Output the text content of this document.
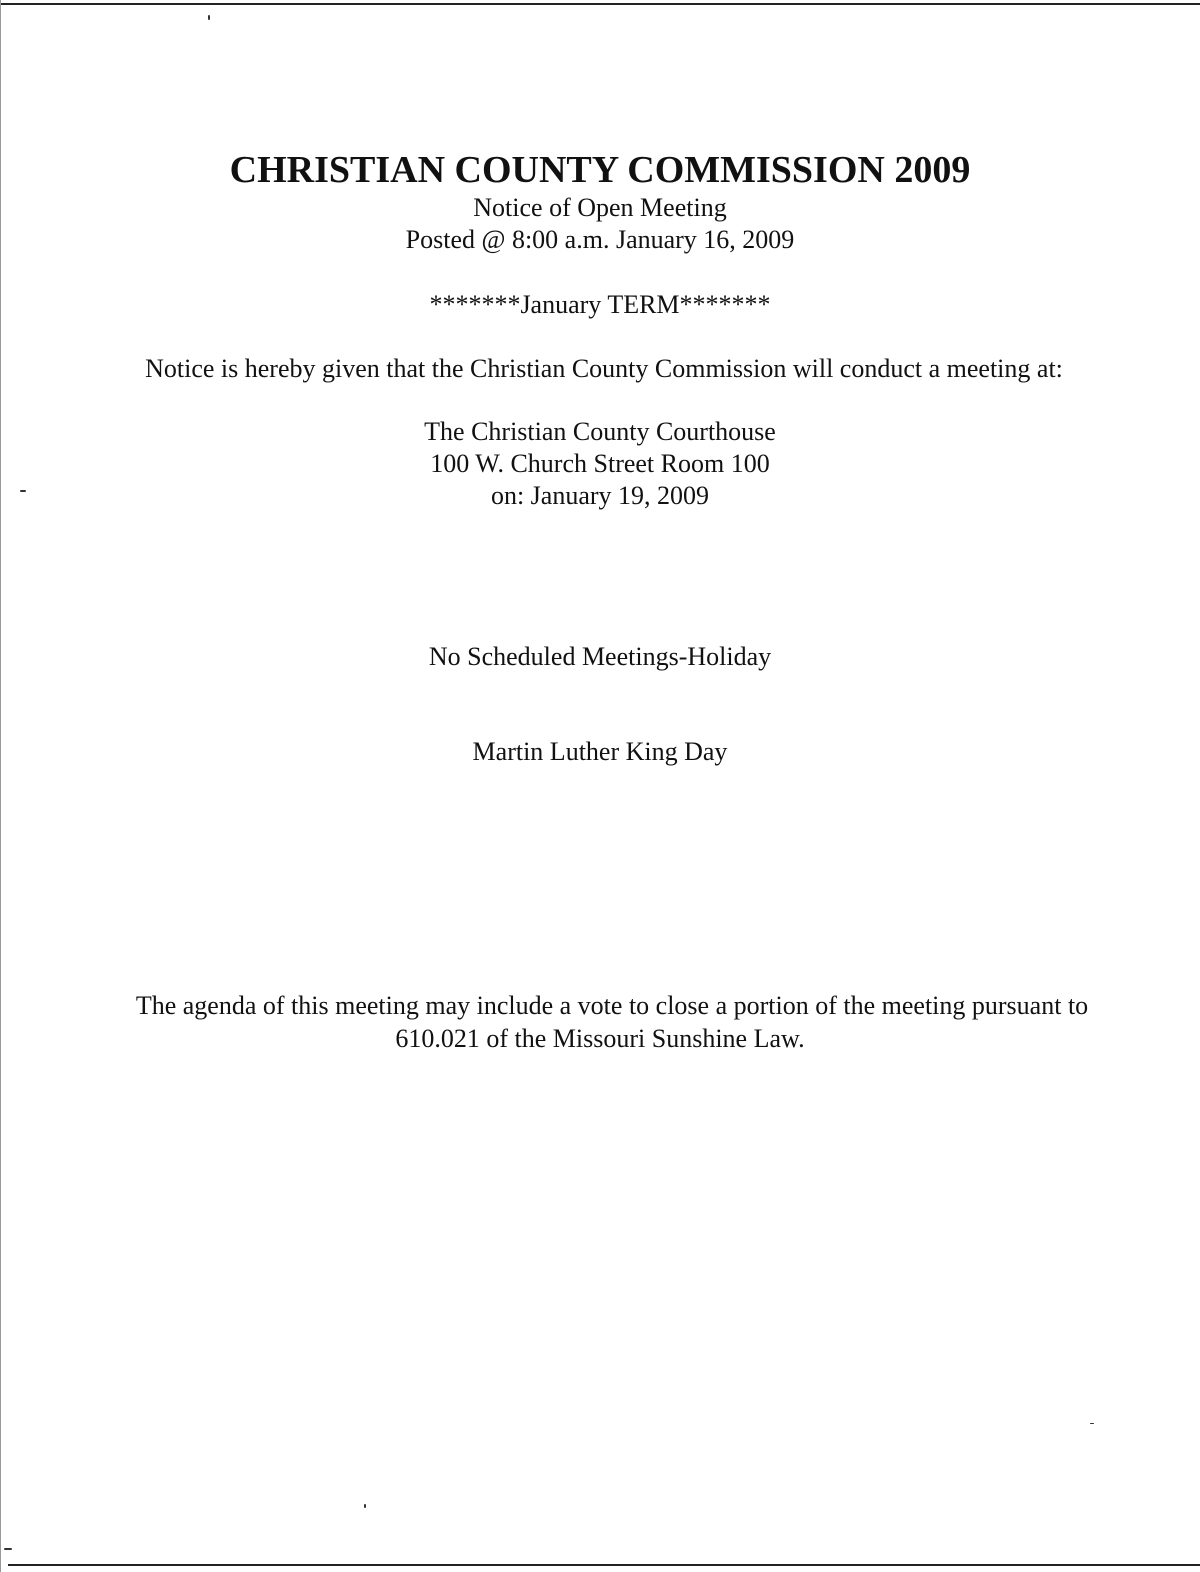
CHRISTIAN COUNTY COMMISSION 2009

Notice of Open Meeting

Posted @ 8:00 a.m. January 16, 2009

*******January TERM*******

Notice is hereby given that the Christian County Commission will conduct a meeting at:

The Christian County Courthouse

100 W. Church Street Room 100

on: January 19, 2009

No Scheduled Meetings-Holiday

Martin Luther King Day

The agenda of this meeting may include a vote to close a portion of the meeting pursuant to

610.021 of the Missouri Sunshine Law.
